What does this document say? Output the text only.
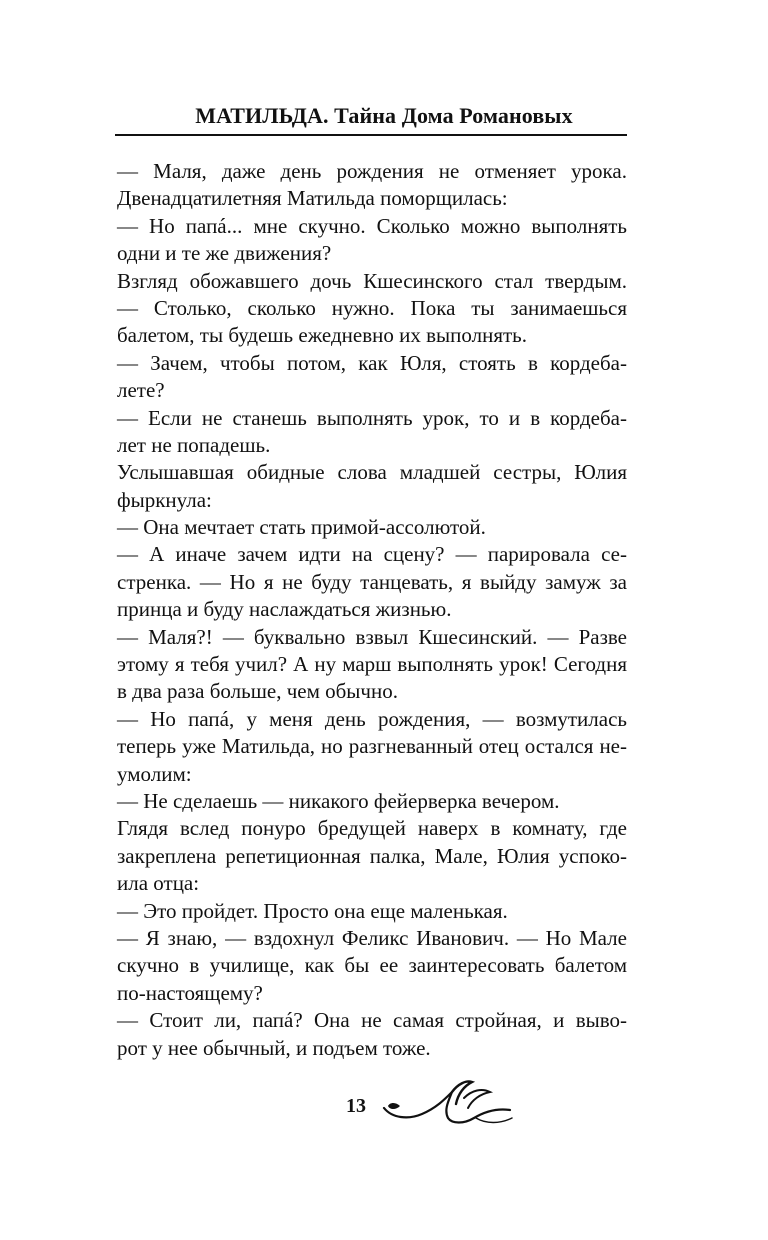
МАТИЛЬДА. Тайна Дома Романовых
— Маля, даже день рождения не отменяет урока.
Двенадцатилетняя Матильда поморщилась:
— Но папá... мне скучно. Сколько можно выполнять
одни и те же движения?
Взгляд обожавшего дочь Кшесинского стал твердым.
— Столько, сколько нужно. Пока ты занимаешься
балетом, ты будешь ежедневно их выполнять.
— Зачем, чтобы потом, как Юля, стоять в кордеба-
лете?
— Если не станешь выполнять урок, то и в кордеба-
лет не попадешь.
Услышавшая обидные слова младшей сестры, Юлия
фыркнула:
— Она мечтает стать примой-ассолютой.
— А иначе зачем идти на сцену? — парировала се-
стренка. — Но я не буду танцевать, я выйду замуж за
принца и буду наслаждаться жизнью.
— Маля?! — буквально взвыл Кшесинский. — Разве
этому я тебя учил? А ну марш выполнять урок! Сегодня
в два раза больше, чем обычно.
— Но папá, у меня день рождения, — возмутилась
теперь уже Матильда, но разгневанный отец остался не-
умолим:
— Не сделаешь — никакого фейерверка вечером.
Глядя вслед понуро бредущей наверх в комнату, где
закреплена репетиционная палка, Мале, Юлия успоко-
ила отца:
— Это пройдет. Просто она еще маленькая.
— Я знаю, — вздохнул Феликс Иванович. — Но Мале
скучно в училище, как бы ее заинтересовать балетом
по-настоящему?
— Стоит ли, папá? Она не самая стройная, и выво-
рот у нее обычный, и подъем тоже.
13
